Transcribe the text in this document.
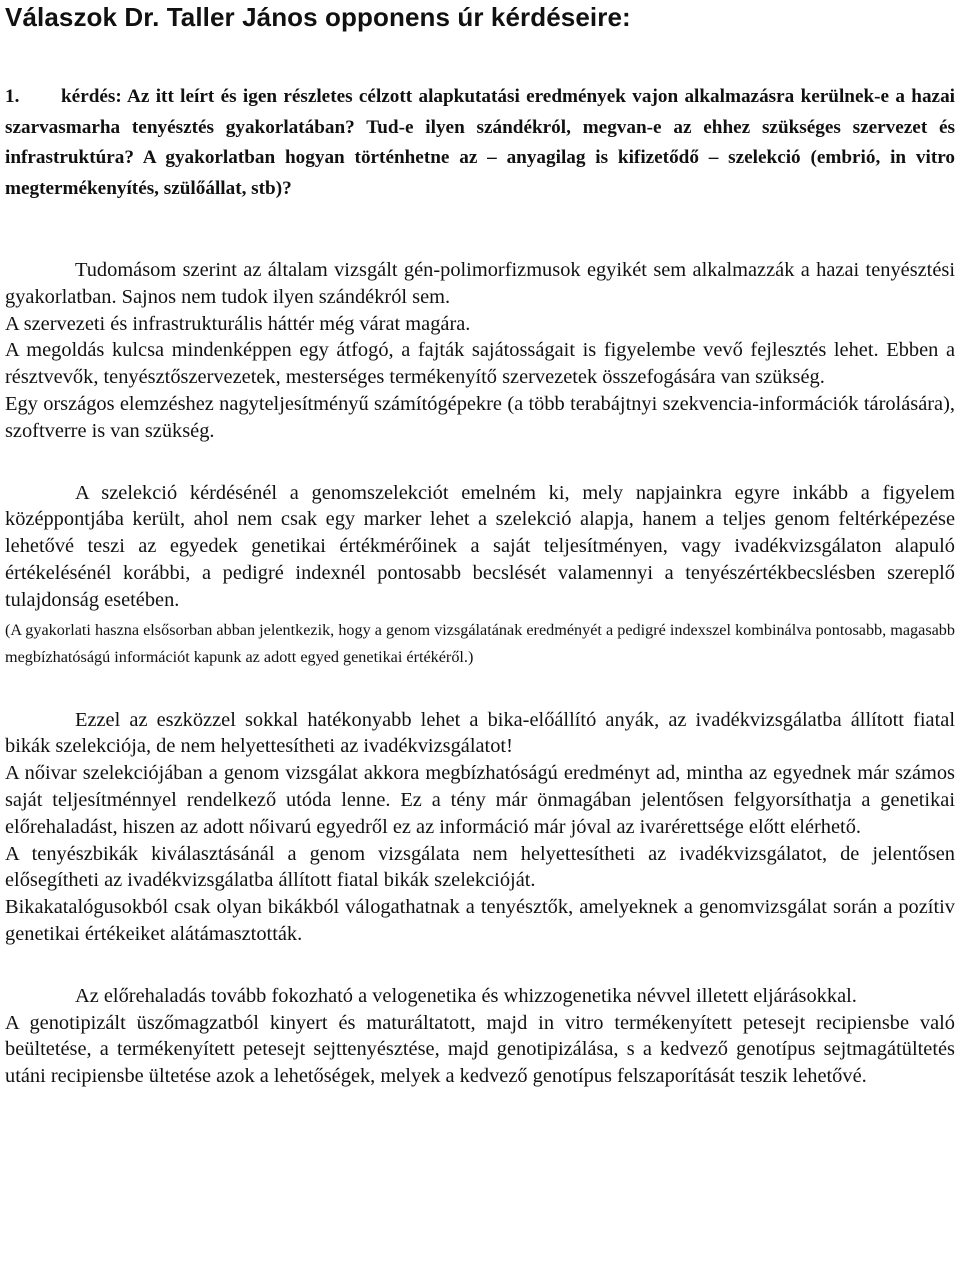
Válaszok Dr. Taller János opponens úr kérdéseire:

1. kérdés: Az itt leírt és igen részletes célzott alapkutatási eredmények vajon alkalmazásra kerülnek-e a hazai szarvasmarha tenyésztés gyakorlatában? Tud-e ilyen szándékról, megvan-e az ehhez szükséges szervezet és infrastruktúra? A gyakorlatban hogyan történhetne az – anyagilag is kifizetődő – szelekció (embrió, in vitro megtermékenyítés, szülőállat, stb)?

Tudomásom szerint az általam vizsgált gén-polimorfizmusok egyikét sem alkalmazzák a hazai tenyésztési gyakorlatban. Sajnos nem tudok ilyen szándékról sem.

A szervezeti és infrastrukturális háttér még várat magára.

A megoldás kulcsa mindenképpen egy átfogó, a fajták sajátosságait is figyelembe vevő fejlesztés lehet. Ebben a résztvevők, tenyésztőszervezetek, mesterséges termékenyítő szervezetek összefogására van szükség.

Egy országos elemzéshez nagyteljesítményű számítógépekre (a több terabájtnyi szekvencia-információk tárolására), szoftverre is van szükség.

A szelekció kérdésénél a genomszelekciót emelném ki, mely napjainkra egyre inkább a figyelem középpontjába került, ahol nem csak egy marker lehet a szelekció alapja, hanem a teljes genom feltérképezése lehetővé teszi az egyedek genetikai értékmérőinek a saját teljesítményen, vagy ivadékvizsgálaton alapuló értékelésénél korábbi, a pedigré indexnél pontosabb becslését valamennyi a tenyészértékbecslésben szereplő tulajdonság esetében.

(A gyakorlati haszna elsősorban abban jelentkezik, hogy a genom vizsgálatának eredményét a pedigré indexszel kombinálva pontosabb, magasabb megbízhatóságú információt kapunk az adott egyed genetikai értékéről.)

Ezzel az eszközzel sokkal hatékonyabb lehet a bika-előállító anyák, az ivadékvizsgálatba állított fiatal bikák szelekciója, de nem helyettesítheti az ivadékvizsgálatot!

A nőivar szelekciójában a genom vizsgálat akkora megbízhatóságú eredményt ad, mintha az egyednek már számos saját teljesítménnyel rendelkező utóda lenne. Ez a tény már önmagában jelentősen felgyorsíthatja a genetikai előrehaladást, hiszen az adott nőivarú egyedről ez az információ már jóval az ivarérettsége előtt elérhető.

A tenyészbikák kiválasztásánál a genom vizsgálata nem helyettesítheti az ivadékvizsgálatot, de jelentősen elősegítheti az ivadékvizsgálatba állított fiatal bikák szelekcióját.

Bikakatalógusokból csak olyan bikákból válogathatnak a tenyésztők, amelyeknek a genomvizsgálat során a pozítiv genetikai értékeiket alátámasztották.

Az előrehaladás tovább fokozható a velogenetika és whizzogenetika névvel illetett eljárásokkal.

A genotipizált üszőmagzatból kinyert és maturáltatott, majd in vitro termékenyített petesejt recipiensbe való beültetése, a termékenyített petesejt sejttenyésztése, majd genotipizálása, s a kedvező genotípus sejtmagátültetés utáni recipiensbe ültetése azok a lehetőségek, melyek a kedvező genotípus felszaporítását teszik lehetővé.
